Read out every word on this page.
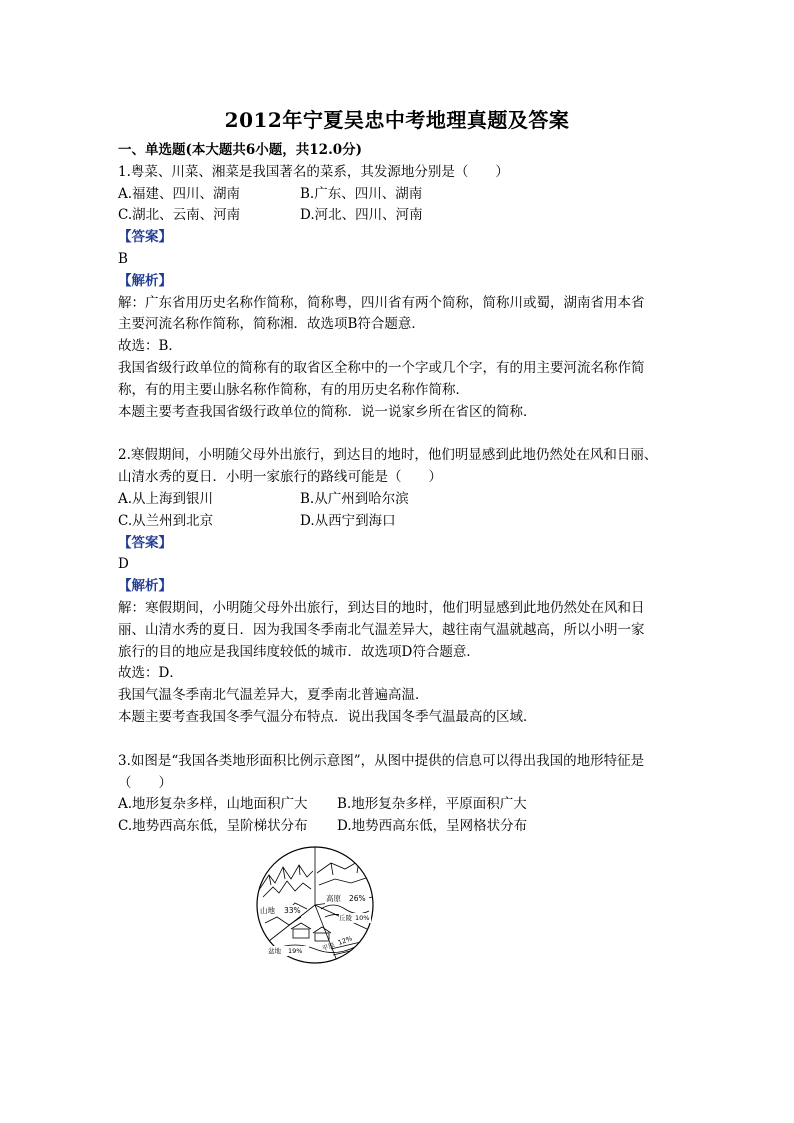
2012年宁夏吴忠中考地理真题及答案

一、单选题(本大题共6小题，共12.0分)

1.粤菜、川菜、湘菜是我国著名的菜系，其发源地分别是（　　）

A.福建、四川、湖南	B.广东、四川、湖南
C.湖北、云南、河南	D.河北、四川、河南

【答案】

B

【解析】

解：广东省用历史名称作简称，简称粤，四川省有两个简称，简称川或蜀，湖南省用本省

主要河流名称作简称，简称湘．故选项B符合题意．

故选：B．

我国省级行政单位的简称有的取省区全称中的一个字或几个字，有的用主要河流名称作简

称，有的用主要山脉名称作简称，有的用历史名称作简称．

本题主要考查我国省级行政单位的简称．说一说家乡所在省区的简称．

2.寒假期间，小明随父母外出旅行，到达目的地时，他们明显感到此地仍然处在风和日丽、

山清水秀的夏日．小明一家旅行的路线可能是（　　）

A.从上海到银川	B.从广州到哈尔滨
C.从兰州到北京	D.从西宁到海口

【答案】

D

【解析】

解：寒假期间，小明随父母外出旅行，到达目的地时，他们明显感到此地仍然处在风和日

丽、山清水秀的夏日．因为我国冬季南北气温差异大，越往南气温就越高，所以小明一家

旅行的目的地应是我国纬度较低的城市．故选项D符合题意．

故选：D．

我国气温冬季南北气温差异大，夏季南北普遍高温．

本题主要考查我国冬季气温分布特点．说出我国冬季气温最高的区域．

3.如图是“我国各类地形面积比例示意图”，从图中提供的信息可以得出我国的地形特征是

（　　）

A.地形复杂多样，山地面积广大	B.地形复杂多样，平原面积广大
C.地势西高东低，呈阶梯状分布	D.地势西高东低，呈网格状分布
山地 33%
高原 26%
丘陵 10%
盆地 19%	平原
12%
